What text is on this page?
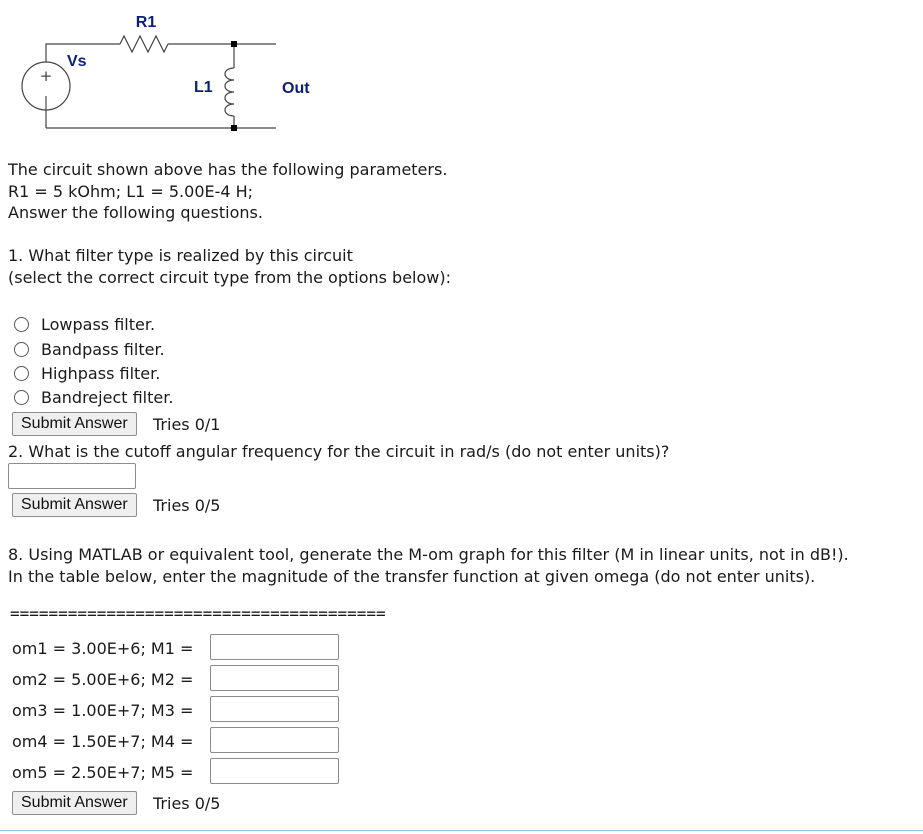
+
|
R1
Vs
L1	Out
The circuit shown above has the following parameters.
R1 = 5 kOhm; L1 = 5.00E-4 H;
Answer the following questions.
1. What filter type is realized by this circuit
(select the correct circuit type from the options below):
Lowpass filter.
Bandpass filter.
Highpass filter.
Bandreject filter.
Submit Answer	Tries 0/1
2. What is the cutoff angular frequency for the circuit in rad/s (do not enter units)?
Submit Answer	Tries 0/5
8. Using MATLAB or equivalent tool, generate the M-om graph for this filter (M in linear units, not in dB!).
In the table below, enter the magnitude of the transfer function at given omega (do not enter units).
=======================================
om1 = 3.00E+6; M1 =
om2 = 5.00E+6; M2 =
om3 = 1.00E+7; M3 =
om4 = 1.50E+7; M4 =
om5 = 2.50E+7; M5 =
Submit Answer	Tries 0/5
